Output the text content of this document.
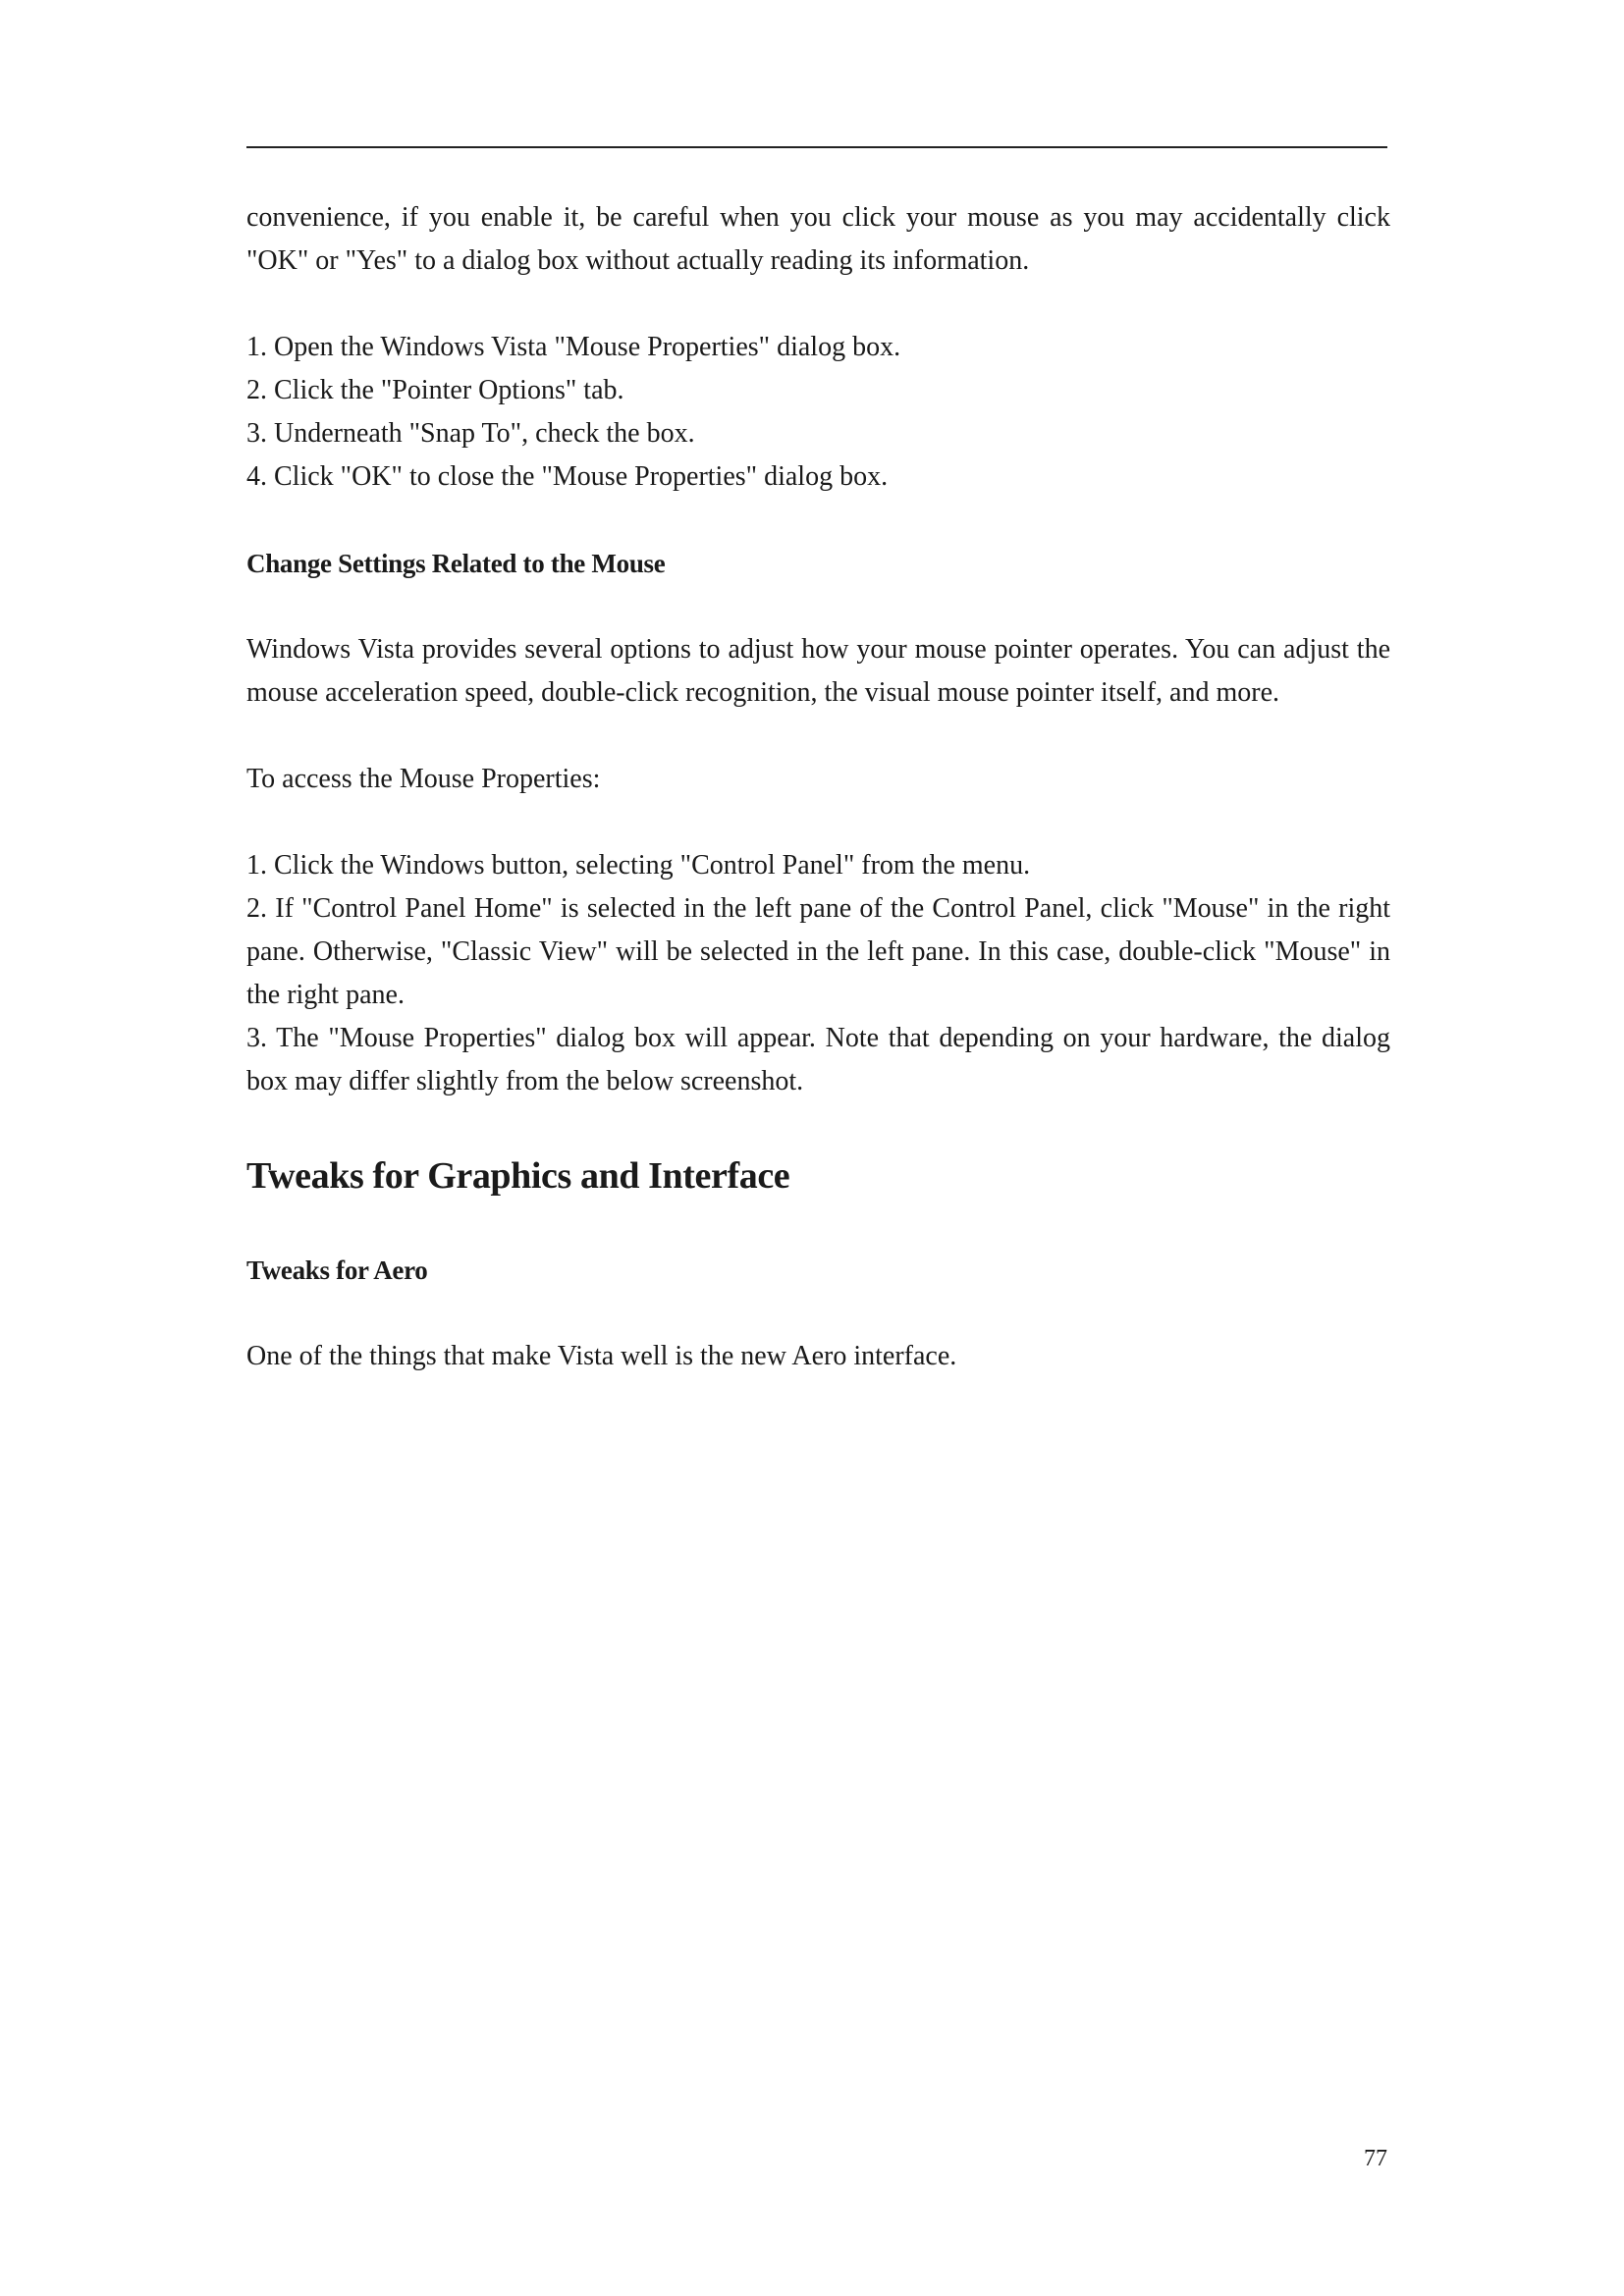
convenience, if you enable it, be careful when you click your mouse as you may accidentally click "OK" or "Yes" to a dialog box without actually reading its information.

1. Open the Windows Vista "Mouse Properties" dialog box.

2. Click the "Pointer Options" tab.

3. Underneath "Snap To", check the box.

4. Click "OK" to close the "Mouse Properties" dialog box.

Change Settings Related to the Mouse

Windows Vista provides several options to adjust how your mouse pointer operates. You can adjust the mouse acceleration speed, double-click recognition, the visual mouse pointer itself, and more.

To access the Mouse Properties:

1. Click the Windows button, selecting "Control Panel" from the menu.

2. If "Control Panel Home" is selected in the left pane of the Control Panel, click "Mouse" in the right pane. Otherwise, "Classic View" will be selected in the left pane. In this case, double-click "Mouse" in the right pane.

3. The "Mouse Properties" dialog box will appear. Note that depending on your hardware, the dialog box may differ slightly from the below screenshot.

Tweaks for Graphics and Interface
Tweaks for Aero

One of the things that make Vista well is the new Aero interface.

77
